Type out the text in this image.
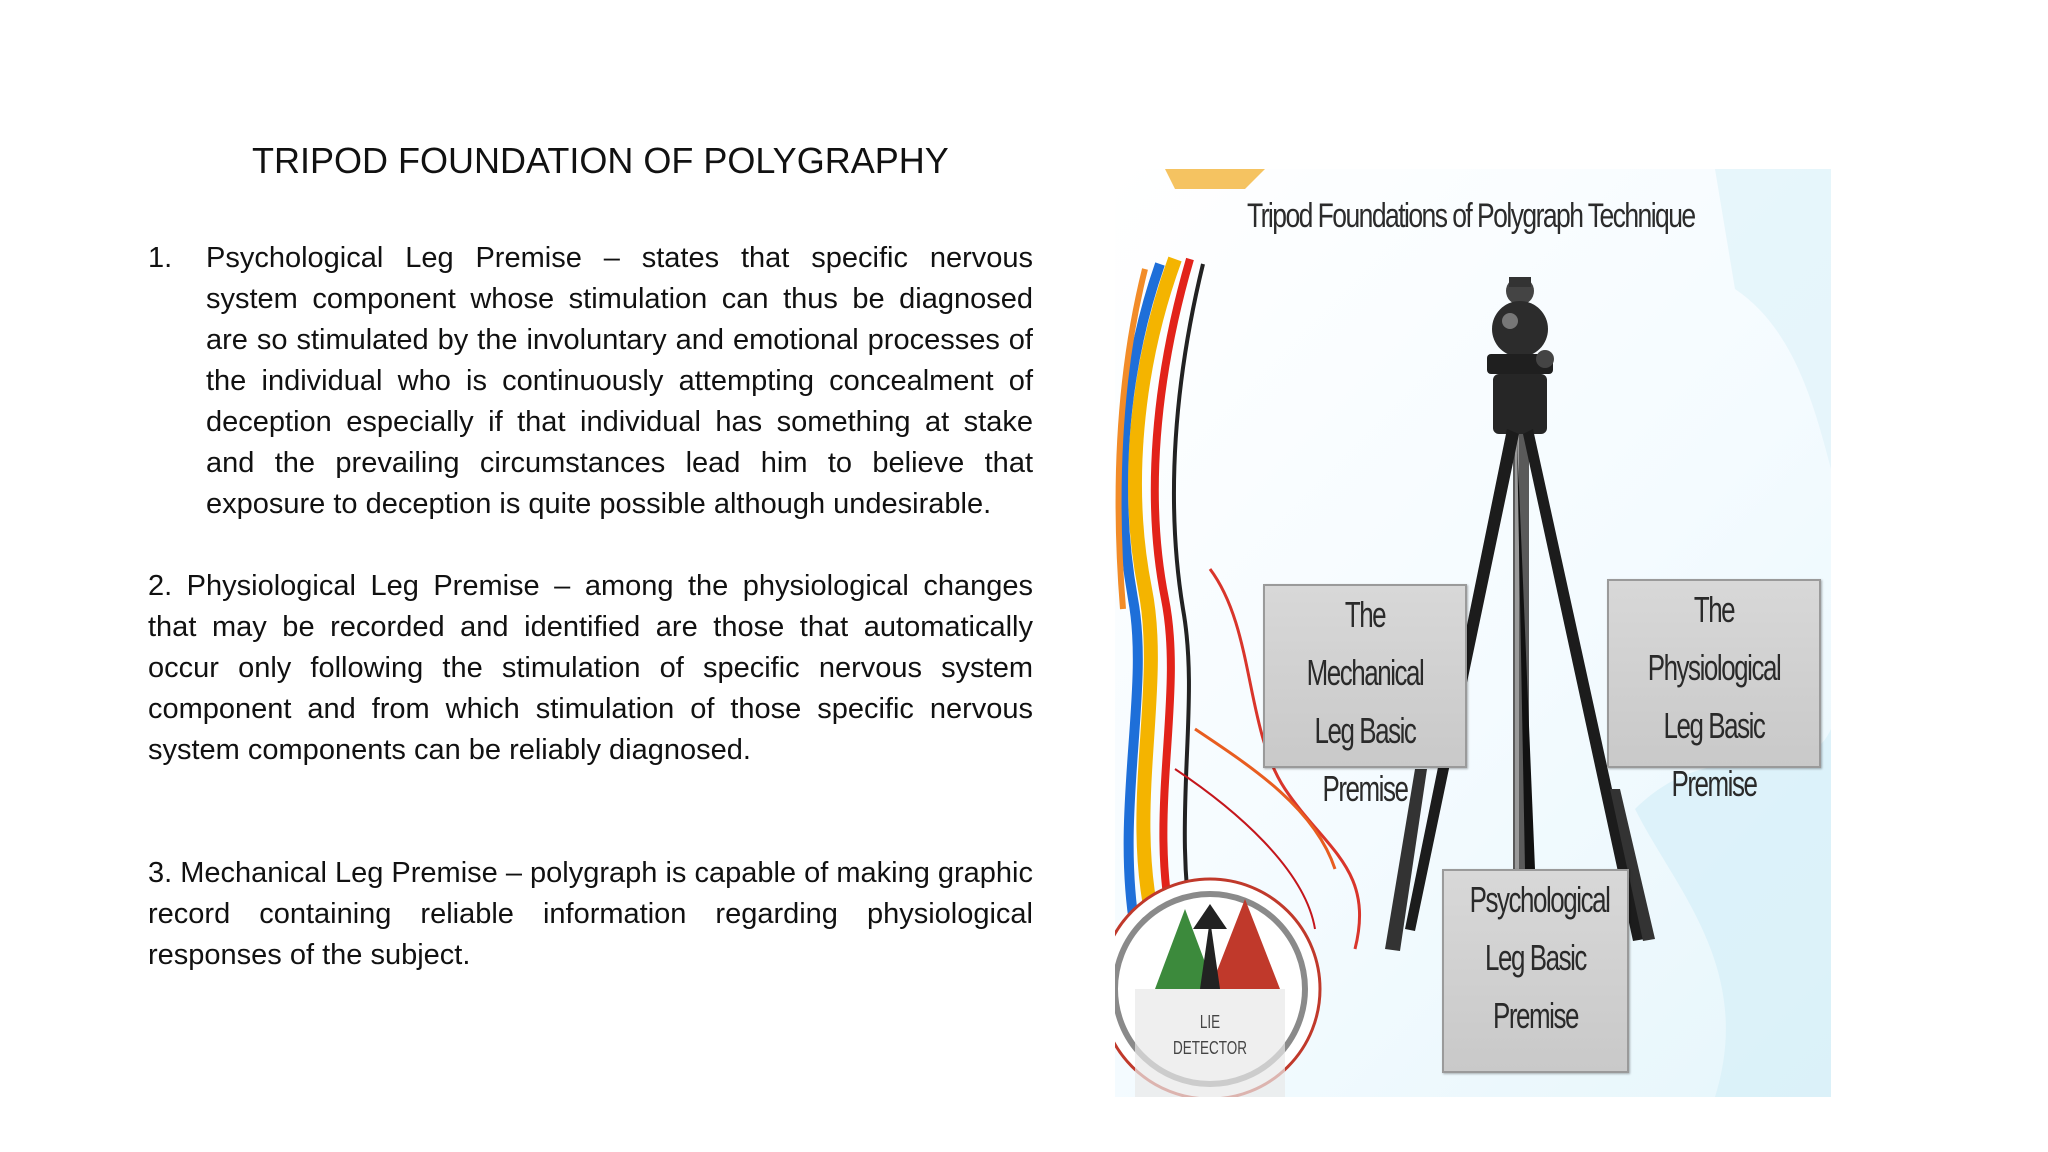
TRIPOD FOUNDATION OF POLYGRAPHY
1.	Psychological Leg Premise – states that specific nervous system component whose stimulation can thus be diagnosed are so stimulated by the involuntary and emotional processes of the individual who is continuously attempting concealment of deception especially if that individual has something at stake and the prevailing circumstances lead him to believe that exposure to deception is quite possible although undesirable.

2. Physiological Leg Premise – among the physiological changes that may be recorded and identified are those that automatically occur only following the stimulation of specific nervous system component and from which stimulation of those specific nervous system components can be reliably diagnosed.

3. Mechanical Leg Premise – polygraph is capable of making graphic record containing reliable information regarding physiological responses of the subject.

Tripod Foundations of Polygraph Technique
The Mechanical
Leg Basic
Premise
The Physiological
Leg Basic
Premise
Psychological
Leg Basic
Premise
LIE
DETECTOR
